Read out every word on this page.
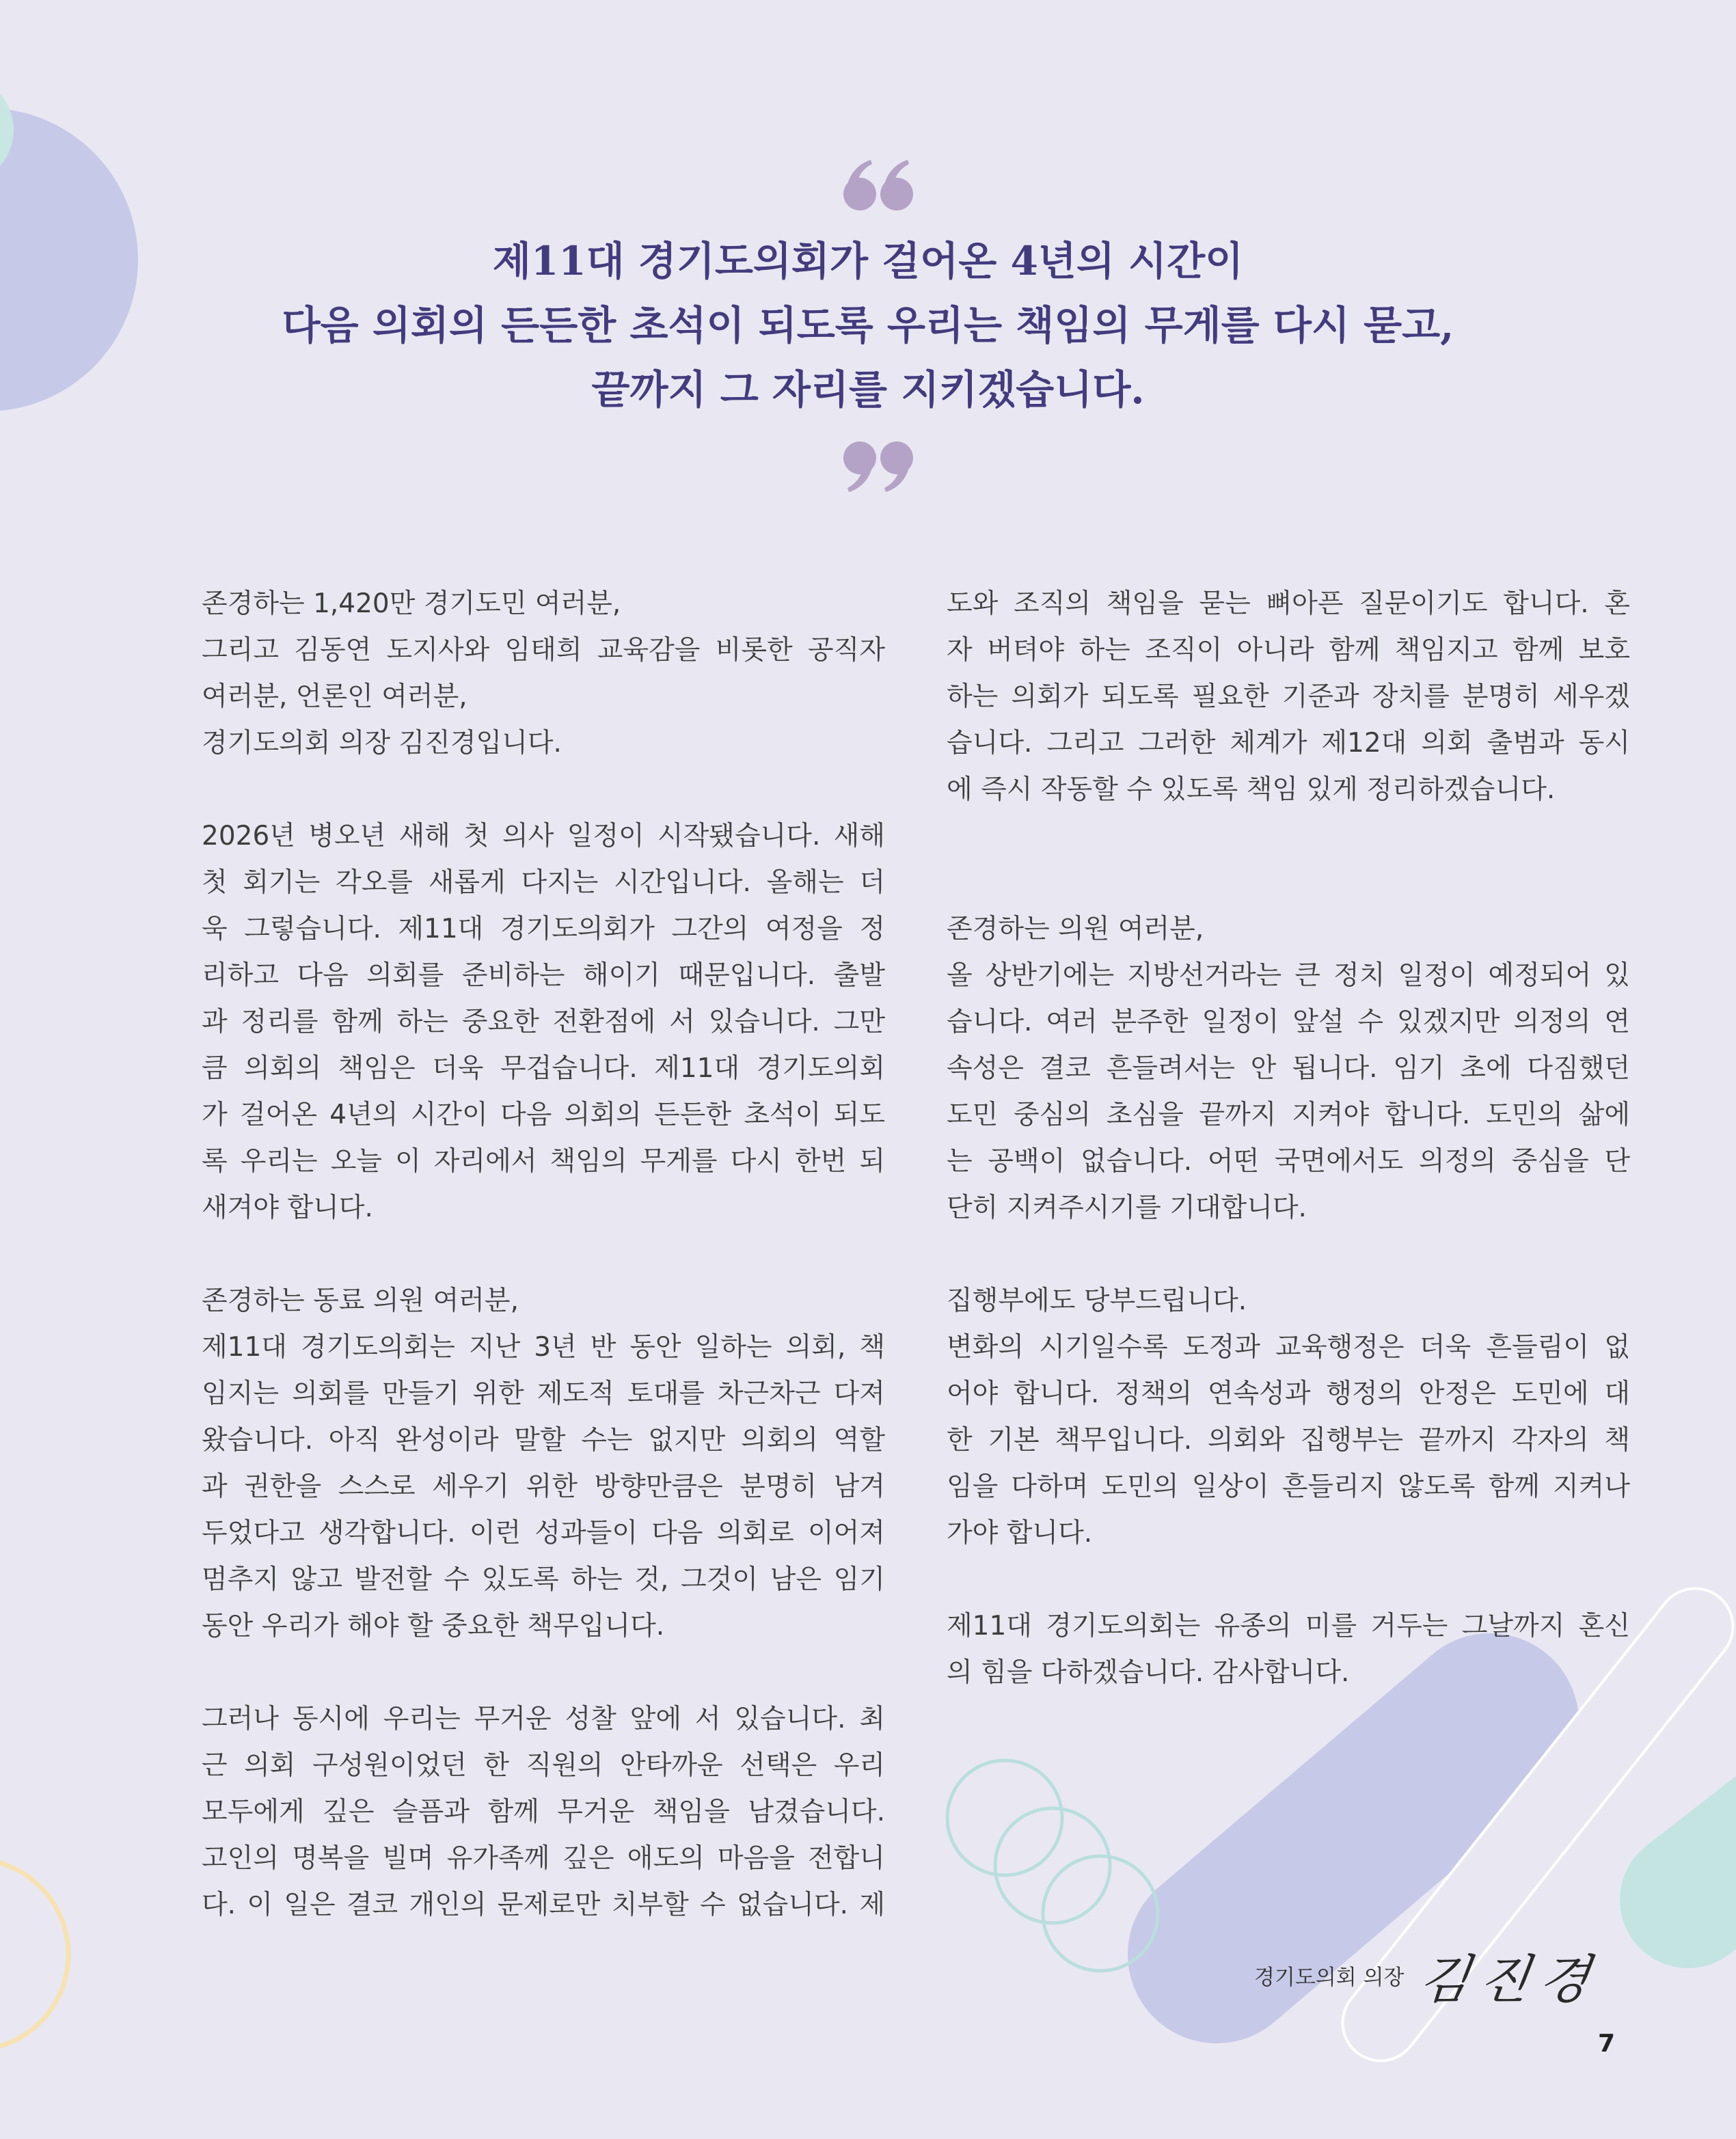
제11대 경기도의회가 걸어온 4년의 시간이
다음 의회의 든든한 초석이 되도록 우리는 책임의 무게를 다시 묻고,
끝까지 그 자리를 지키겠습니다.
존경하는 1,420만 경기도민 여러분,
그리고 김동연 도지사와 임태희 교육감을 비롯한 공직자
여러분, 언론인 여러분,
경기도의회 의장 김진경입니다.
2026년 병오년 새해 첫 의사 일정이 시작됐습니다. 새해
첫 회기는 각오를 새롭게 다지는 시간입니다. 올해는 더
욱 그렇습니다. 제11대 경기도의회가 그간의 여정을 정
리하고 다음 의회를 준비하는 해이기 때문입니다. 출발
과 정리를 함께 하는 중요한 전환점에 서 있습니다. 그만
큼 의회의 책임은 더욱 무겁습니다. 제11대 경기도의회
가 걸어온 4년의 시간이 다음 의회의 든든한 초석이 되도
록 우리는 오늘 이 자리에서 책임의 무게를 다시 한번 되
새겨야 합니다.
존경하는 동료 의원 여러분,
제11대 경기도의회는 지난 3년 반 동안 일하는 의회, 책
임지는 의회를 만들기 위한 제도적 토대를 차근차근 다져
왔습니다. 아직 완성이라 말할 수는 없지만 의회의 역할
과 권한을 스스로 세우기 위한 방향만큼은 분명히 남겨
두었다고 생각합니다. 이런 성과들이 다음 의회로 이어져
멈추지 않고 발전할 수 있도록 하는 것, 그것이 남은 임기
동안 우리가 해야 할 중요한 책무입니다.
그러나 동시에 우리는 무거운 성찰 앞에 서 있습니다. 최
근 의회 구성원이었던 한 직원의 안타까운 선택은 우리
모두에게 깊은 슬픔과 함께 무거운 책임을 남겼습니다.
고인의 명복을 빌며 유가족께 깊은 애도의 마음을 전합니
다. 이 일은 결코 개인의 문제로만 치부할 수 없습니다. 제
도와 조직의 책임을 묻는 뼈아픈 질문이기도 합니다. 혼
자 버텨야 하는 조직이 아니라 함께 책임지고 함께 보호
하는 의회가 되도록 필요한 기준과 장치를 분명히 세우겠
습니다. 그리고 그러한 체계가 제12대 의회 출범과 동시
에 즉시 작동할 수 있도록 책임 있게 정리하겠습니다.
존경하는 의원 여러분,
올 상반기에는 지방선거라는 큰 정치 일정이 예정되어 있
습니다. 여러 분주한 일정이 앞설 수 있겠지만 의정의 연
속성은 결코 흔들려서는 안 됩니다. 임기 초에 다짐했던
도민 중심의 초심을 끝까지 지켜야 합니다. 도민의 삶에
는 공백이 없습니다. 어떤 국면에서도 의정의 중심을 단
단히 지켜주시기를 기대합니다.
집행부에도 당부드립니다.
변화의 시기일수록 도정과 교육행정은 더욱 흔들림이 없
어야 합니다. 정책의 연속성과 행정의 안정은 도민에 대
한 기본 책무입니다. 의회와 집행부는 끝까지 각자의 책
임을 다하며 도민의 일상이 흔들리지 않도록 함께 지켜나
가야 합니다.
제11대 경기도의회는 유종의 미를 거두는 그날까지 혼신
의 힘을 다하겠습니다. 감사합니다.
경기도의회 의장 김진경
7
